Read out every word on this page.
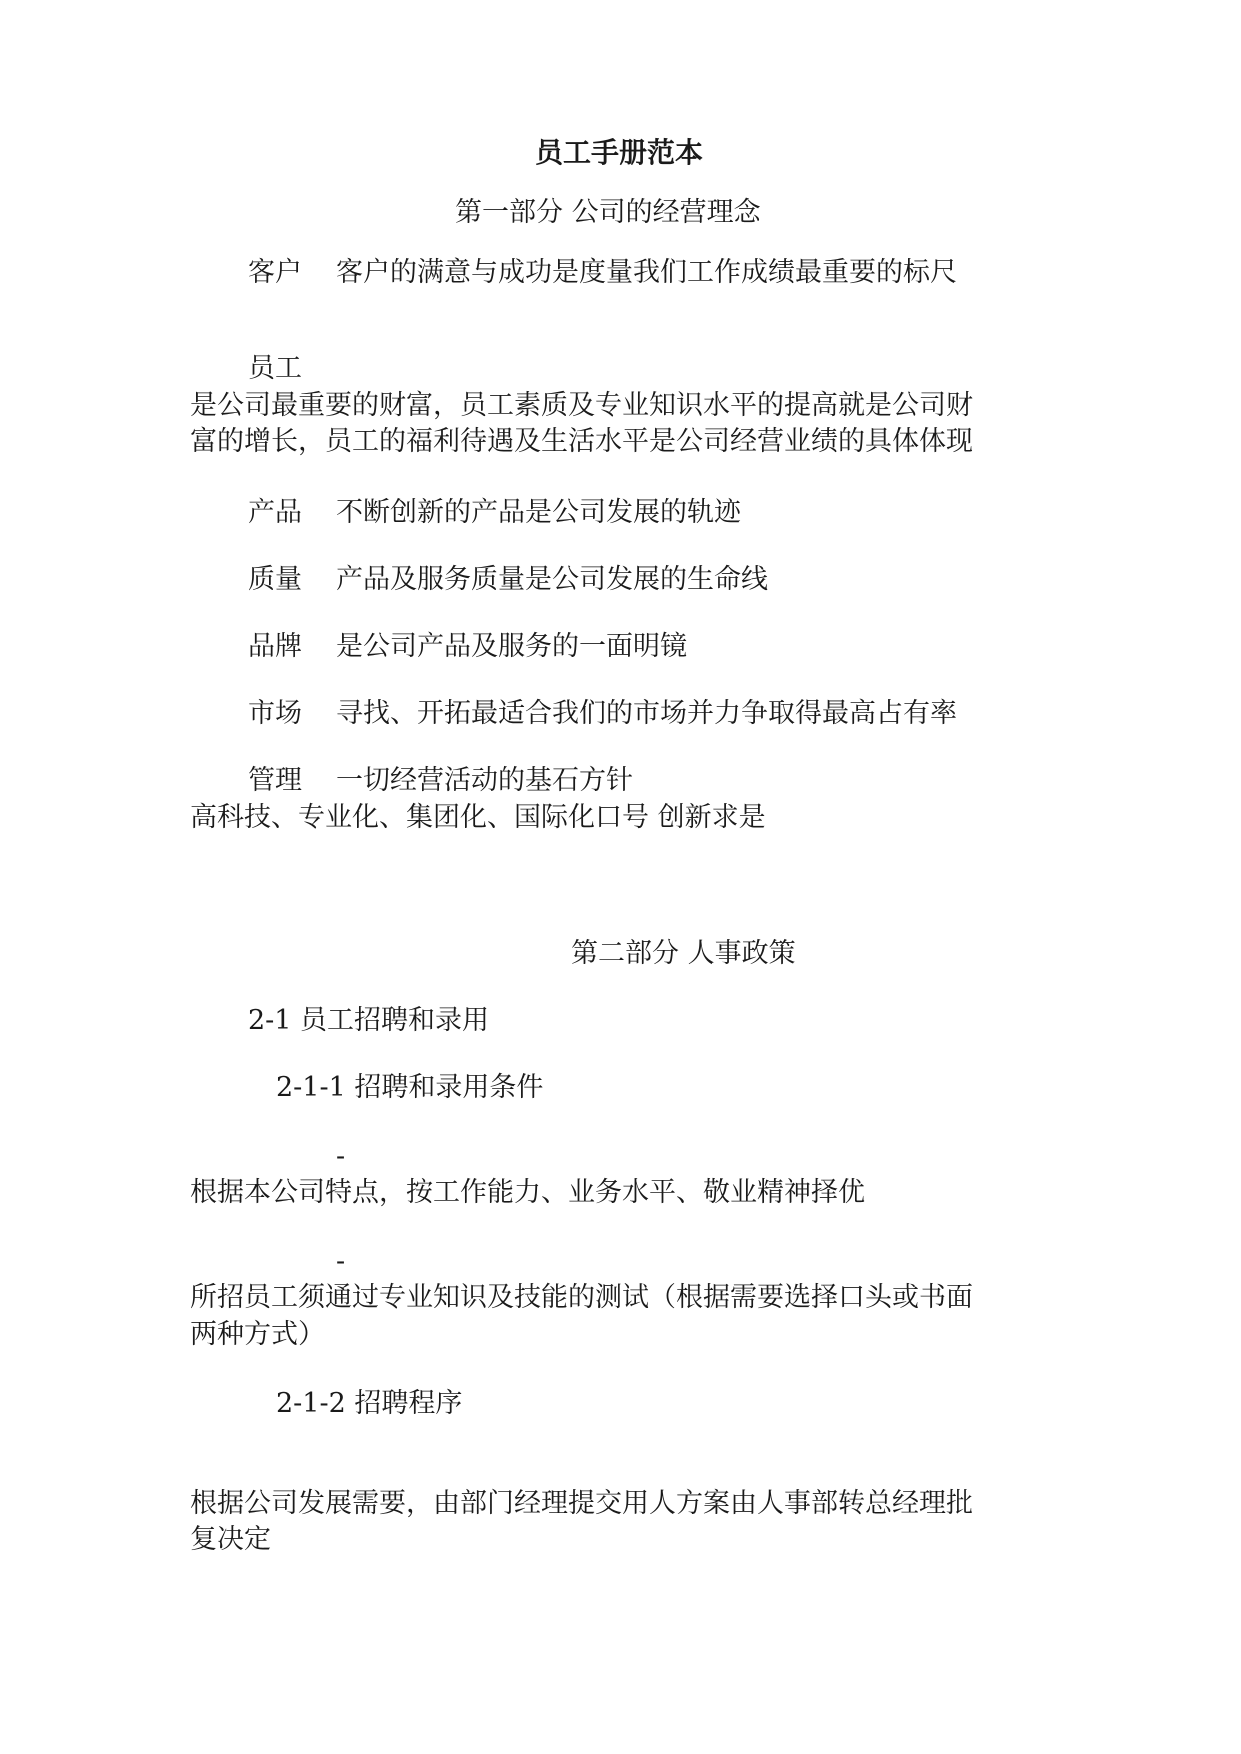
员工手册范本
第一部分 公司的经营理念
客户 客户的满意与成功是度量我们工作成绩最重要的标尺
员工
是公司最重要的财富，员工素质及专业知识水平的提高就是公司财
富的增长，员工的福利待遇及生活水平是公司经营业绩的具体体现
产品 不断创新的产品是公司发展的轨迹
质量 产品及服务质量是公司发展的生命线
品牌 是公司产品及服务的一面明镜
市场 寻找、开拓最适合我们的市场并力争取得最高占有率
管理 一切经营活动的基石方针
高科技、专业化、集团化、国际化口号 创新求是
第二部分 人事政策
2-1 员工招聘和录用
2-1-1 招聘和录用条件
-
根据本公司特点，按工作能力、业务水平、敬业精神择优
-
所招员工须通过专业知识及技能的测试（根据需要选择口头或书面
两种方式）
2-1-2 招聘程序
根据公司发展需要，由部门经理提交用人方案由人事部转总经理批
复决定
